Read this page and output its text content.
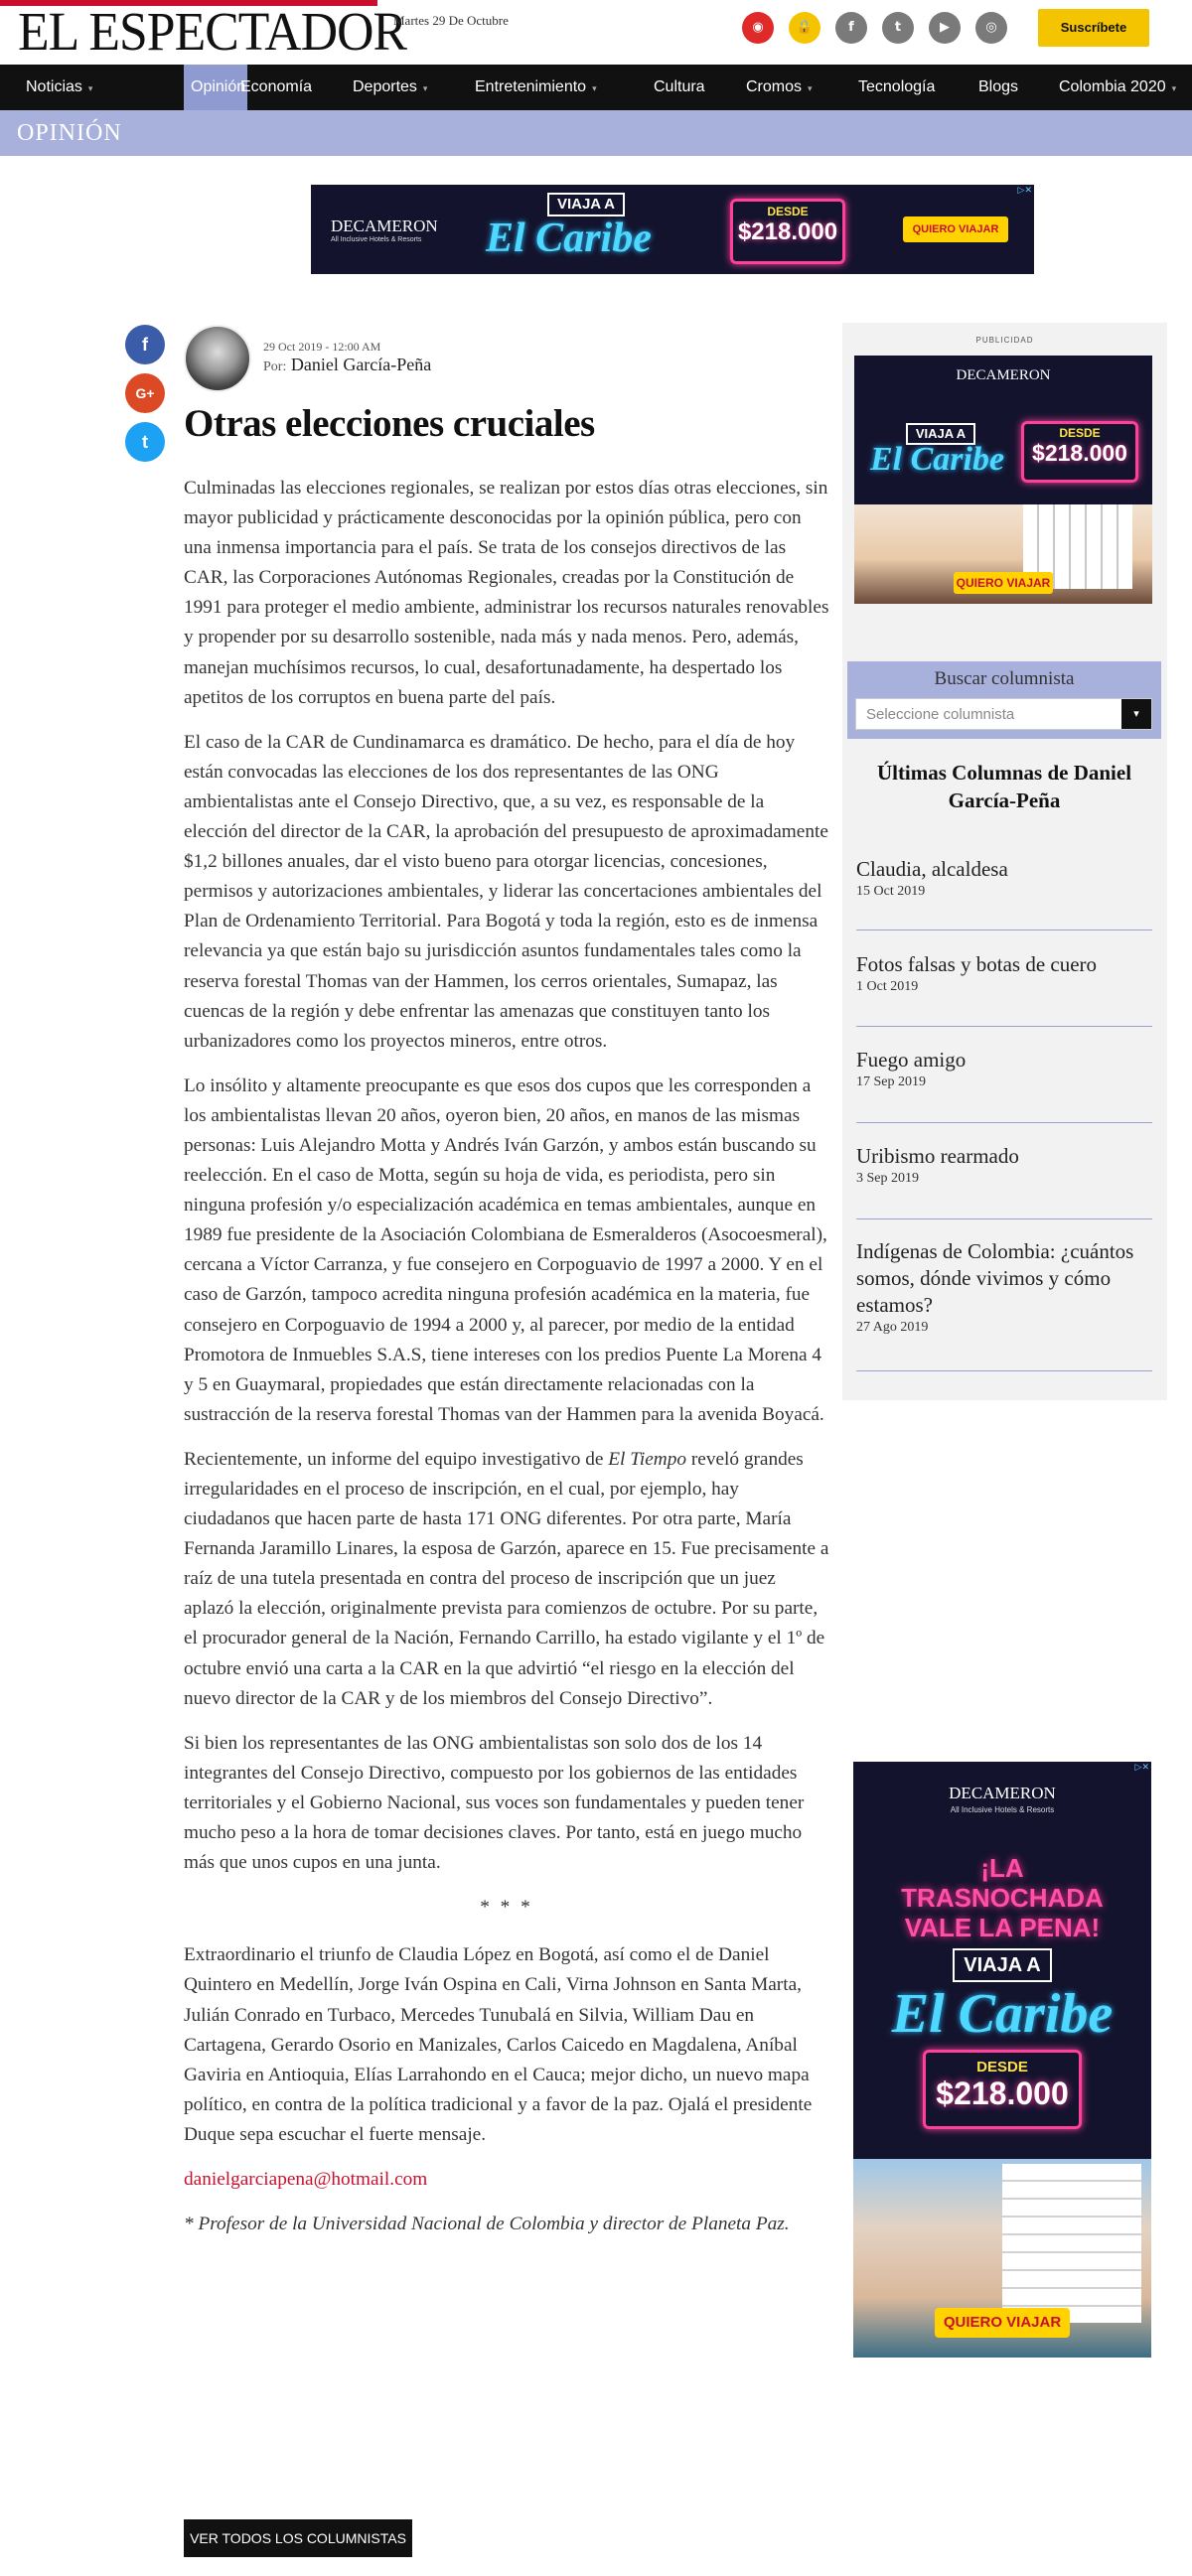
EL ESPECTADOR
Martes 29 De Octubre	◉	🔒	f	t	▶	◎	Suscríbete
Noticias ▾	Opinión
Economía	Deportes ▾	Entretenimiento ▾	Cultura	Cromos ▾	Tecnología	Blogs	Colombia 2020 ▾
OPINIÓN
DECAMERON
All Inclusive Hotels & Resorts
VIAJA A
El Caribe
DESDE
$218.000	QUIERO VIAJAR
▷✕
f
G+
t
29 Oct 2019 - 12:00 AM
Por: Daniel García-Peña
Otras elecciones cruciales

Culminadas las elecciones regionales, se realizan por estos días otras elecciones, sin mayor publicidad y prácticamente desconocidas por la opinión pública, pero con una inmensa importancia para el país. Se trata de los consejos directivos de las CAR, las Corporaciones Autónomas Regionales, creadas por la Constitución de 1991 para proteger el medio ambiente, administrar los recursos naturales renovables y propender por su desarrollo sostenible, nada más y nada menos. Pero, además, manejan muchísimos recursos, lo cual, desafortunadamente, ha despertado los apetitos de los corruptos en buena parte del país.

El caso de la CAR de Cundinamarca es dramático. De hecho, para el día de hoy están convocadas las elecciones de los dos representantes de las ONG ambientalistas ante el Consejo Directivo, que, a su vez, es responsable de la elección del director de la CAR, la aprobación del presupuesto de aproximadamente $1,2 billones anuales, dar el visto bueno para otorgar licencias, concesiones, permisos y autorizaciones ambientales, y liderar las concertaciones ambientales del Plan de Ordenamiento Territorial. Para Bogotá y toda la región, esto es de inmensa relevancia ya que están bajo su jurisdicción asuntos fundamentales tales como la reserva forestal Thomas van der Hammen, los cerros orientales, Sumapaz, las cuencas de la región y debe enfrentar las amenazas que constituyen tanto los urbanizadores como los proyectos mineros, entre otros.

Lo insólito y altamente preocupante es que esos dos cupos que les corresponden a los ambientalistas llevan 20 años, oyeron bien, 20 años, en manos de las mismas personas: Luis Alejandro Motta y Andrés Iván Garzón, y ambos están buscando su reelección. En el caso de Motta, según su hoja de vida, es periodista, pero sin ninguna profesión y/o especialización académica en temas ambientales, aunque en 1989 fue presidente de la Asociación Colombiana de Esmeralderos (Asocoesmeral), cercana a Víctor Carranza, y fue consejero en Corpoguavio de 1997 a 2000. Y en el caso de Garzón, tampoco acredita ninguna profesión académica en la materia, fue consejero en Corpoguavio de 1994 a 2000 y, al parecer, por medio de la entidad Promotora de Inmuebles S.A.S, tiene intereses con los predios Puente La Morena 4 y 5 en Guaymaral, propiedades que están directamente relacionadas con la sustracción de la reserva forestal Thomas van der Hammen para la avenida Boyacá.

Recientemente, un informe del equipo investigativo de El Tiempo reveló grandes irregularidades en el proceso de inscripción, en el cual, por ejemplo, hay ciudadanos que hacen parte de hasta 171 ONG diferentes. Por otra parte, María Fernanda Jaramillo Linares, la esposa de Garzón, aparece en 15. Fue precisamente a raíz de una tutela presentada en contra del proceso de inscripción que un juez aplazó la elección, originalmente prevista para comienzos de octubre. Por su parte, el procurador general de la Nación, Fernando Carrillo, ha estado vigilante y el 1º de octubre envió una carta a la CAR en la que advirtió “el riesgo en la elección del nuevo director de la CAR y de los miembros del Consejo Directivo”.

Si bien los representantes de las ONG ambientalistas son solo dos de los 14 integrantes del Consejo Directivo, compuesto por los gobiernos de las entidades territoriales y el Gobierno Nacional, sus voces son fundamentales y pueden tener mucho peso a la hora de tomar decisiones claves. Por tanto, está en juego mucho más que unos cupos en una junta.

* * *

Extraordinario el triunfo de Claudia López en Bogotá, así como el de Daniel Quintero en Medellín, Jorge Iván Ospina en Cali, Virna Johnson en Santa Marta, Julián Conrado en Turbaco, Mercedes Tunubalá en Silvia, William Dau en Cartagena, Gerardo Osorio en Manizales, Carlos Caicedo en Magdalena, Aníbal Gaviria en Antioquia, Elías Larrahondo en el Cauca; mejor dicho, un nuevo mapa político, en contra de la política tradicional y a favor de la paz. Ojalá el presidente Duque sepa escuchar el fuerte mensaje.

danielgarciapena@hotmail.com

* Profesor de la Universidad Nacional de Colombia y director de Planeta Paz.

VER TODOS LOS COLUMNISTAS
PUBLICIDAD
DECAMERON
VIAJA A
El Caribe
DESDE
$218.000
QUIERO VIAJAR
Buscar columnista
Seleccione columnista	▾
Últimas Columnas de Daniel García-Peña
Claudia, alcaldesa
15 Oct 2019
Fotos falsas y botas de cuero
1 Oct 2019
Fuego amigo
17 Sep 2019
Uribismo rearmado
3 Sep 2019
Indígenas de Colombia: ¿cuántos somos, dónde vivimos y cómo estamos?
27 Ago 2019
DECAMERON
All Inclusive Hotels & Resorts
¡LA TRASNOCHADA VALE LA PENA!
VIAJA A
El Caribe
DESDE
$218.000
QUIERO VIAJAR
▷✕
